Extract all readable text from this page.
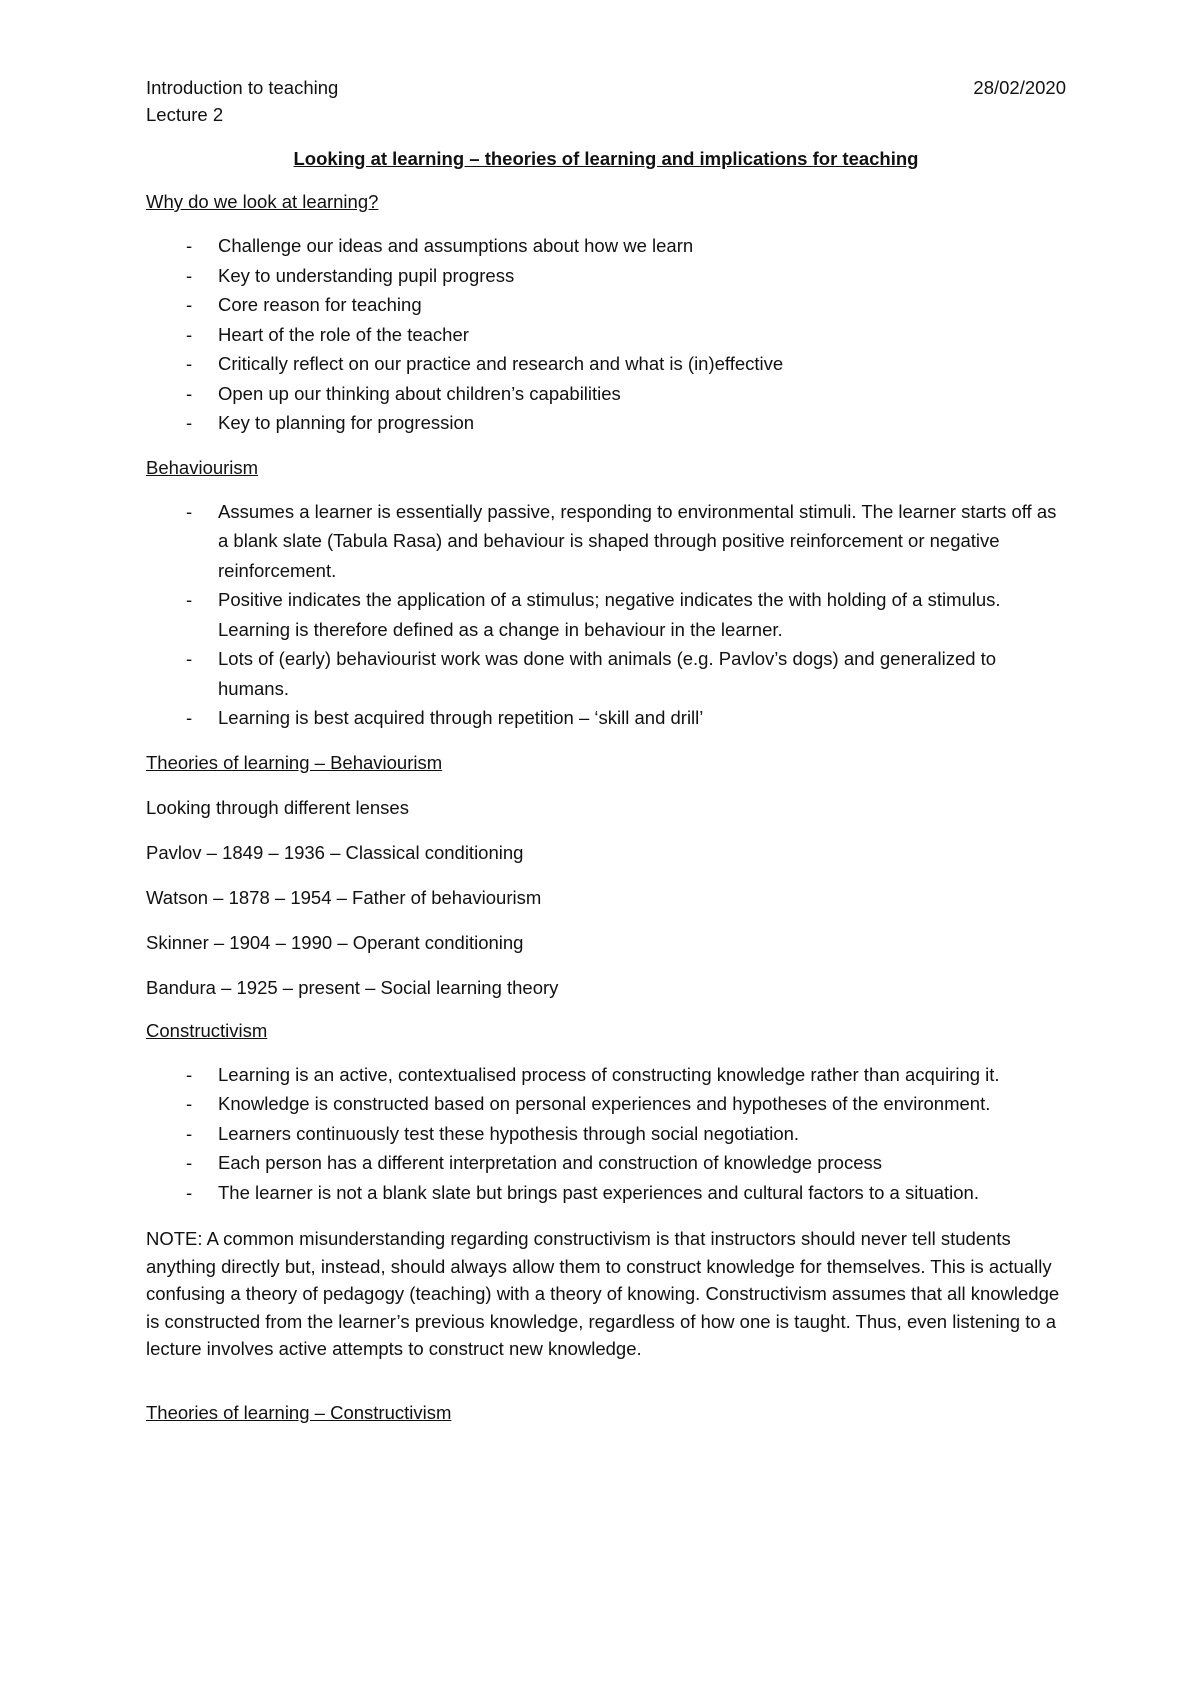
Introduction to teaching	28/02/2020
Lecture 2
Looking at learning – theories of learning and implications for teaching
Why do we look at learning?
- Challenge our ideas and assumptions about how we learn
- Key to understanding pupil progress
- Core reason for teaching
- Heart of the role of the teacher
- Critically reflect on our practice and research and what is (in)effective
- Open up our thinking about children’s capabilities
- Key to planning for progression
Behaviourism
- Assumes a learner is essentially passive, responding to environmental stimuli. The learner starts off as a blank slate (Tabula Rasa) and behaviour is shaped through positive reinforcement or negative reinforcement.
- Positive indicates the application of a stimulus; negative indicates the with holding of a stimulus. Learning is therefore defined as a change in behaviour in the learner.
- Lots of (early) behaviourist work was done with animals (e.g. Pavlov’s dogs) and generalized to humans.
- Learning is best acquired through repetition – ‘skill and drill’
Theories of learning – Behaviourism
Looking through different lenses
Pavlov – 1849 – 1936 – Classical conditioning
Watson – 1878 – 1954 – Father of behaviourism
Skinner – 1904 – 1990 – Operant conditioning
Bandura – 1925 – present – Social learning theory
Constructivism
- Learning is an active, contextualised process of constructing knowledge rather than acquiring it.
- Knowledge is constructed based on personal experiences and hypotheses of the environment.
- Learners continuously test these hypothesis through social negotiation.
- Each person has a different interpretation and construction of knowledge process
- The learner is not a blank slate but brings past experiences and cultural factors to a situation.
NOTE: A common misunderstanding regarding constructivism is that instructors should never tell students anything directly but, instead, should always allow them to construct knowledge for themselves. This is actually confusing a theory of pedagogy (teaching) with a theory of knowing. Constructivism assumes that all knowledge is constructed from the learner’s previous knowledge, regardless of how one is taught. Thus, even listening to a lecture involves active attempts to construct new knowledge.
Theories of learning – Constructivism
